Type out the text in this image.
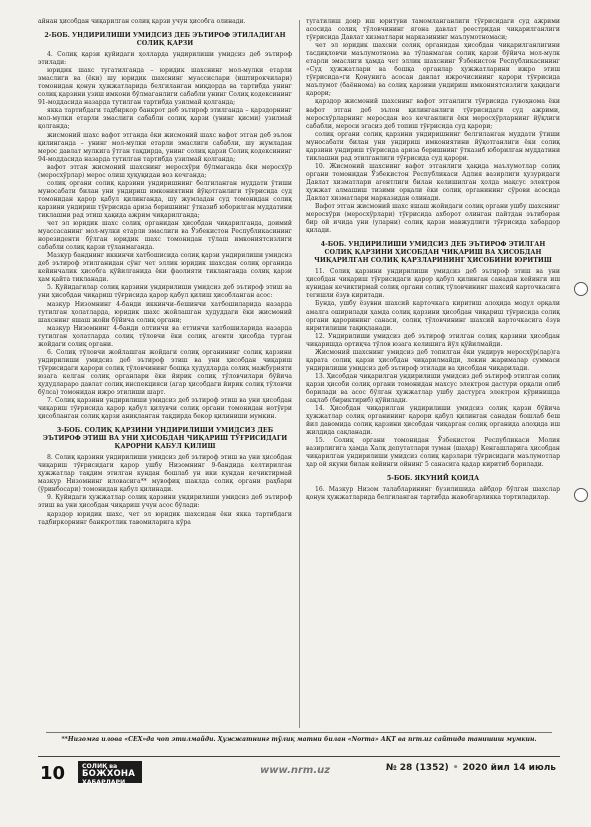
айнан ҳисобдан чиқарилган солиқ қарзи учун ҳисобга олинади.
2-БОБ. УНДИРИЛИШИ УМИДСИЗ ДЕБ ЭЪТИРОФ ЭТИЛАДИГАН СОЛИҚ ҚАРЗИ
4. Солиқ қарзи қуйидаги ҳолларда ундирилиши умидсиз деб эътироф этилади:
юридик шахс тугатилганда – юридик шахснинг мол-мулки етарли эмаслиги ва (ёки) шу юридик шахснинг муассислари (иштирокчилари) томонидан қонун ҳужжатларида белгиланган миқдорда ва тартибда унинг солиқ қарзини узиш имкони бўлмаганлиги сабабли унинг Солиқ кодексининг 91-моддасида назарда тутилган тартибда узилмай қолганда;
якка тартибдаги тадбиркор банкрот деб эътироф этилганда – қарздорнинг мол-мулки етарли эмаслиги сабабли солиқ қарзи (унинг қисми) узилмай қолганда;
жисмоний шахс вафот этганда ёки жисмоний шахс вафот этган деб эълон қилинганда – унинг мол-мулки етарли эмаслиги сабабли, шу жумладан мерос давлат мулкига ўтган тақдирда, унинг солиқ қарзи Солиқ кодексининг 94-моддасида назарда тутилган тартибда узилмай қолганда;
вафот этган жисмоний шахснинг меросхўри бўлмаганда ёки меросхўр (меросхўрлар) мерос олиш ҳуқуқидан воз кечганда;
солиқ органи солиқ қарзини ундиришнинг белгиланган муддати ўтиши муносабати билан уни ундириш имкониятини йўқотганлиги тўғрисида суд томонидан қарор қабул қилинганда, шу жумладан суд томонидан солиқ қарзини ундириш тўғрисида ариза беришнинг ўтказиб юборилган муддатини тиклашни рад этиш ҳақида ажрим чиқарилганда;
чет эл юридик шахс солиқ органидан ҳисобдан чиқарилганда, доимий муассасанинг мол-мулки етарли эмаслиги ва Ўзбекистон Республикасининг норезиденти бўлган юридик шахс томонидан тўлаш имкониятсизлиги сабабли солиқ қарзи тўланмаганда.
Мазкур банднинг иккинчи хатбошисида солиқ қарзи ундирилиши умидсиз деб эътироф этилганидан сўнг чет эллик юридик шахсдан солиқ органида кейинчалик ҳисобга қўйилганида ёки фаолияти тикланганда солиқ қарзи ҳам қайта тикланади.
5. Қуйидагилар солиқ қарзини ундирилиши умидсиз деб эътироф этиш ва уни ҳисобдан чиқариш тўғрисида қарор қабул қилиш ҳисобланган асос:
мазкур Низомнинг 4-банди иккинчи–бешинчи хатбошиларида назарда тутилган ҳолатларда, юридик шахс жойлашган ҳудуддаги ёки жисмоний шахснинг яшаш жойи бўйича солиқ органи;
мазкур Низомнинг 4-банди олтинчи ва еттинчи хатбошиларида назарда тутилган ҳолатларда солиқ тўловчи ёки солиқ агенти ҳисобда турган жойдаги солиқ органи.
6. Солиқ тўловчи жойлашган жойдаги солиқ органининг солиқ қарзини ундирилиши умидсиз деб эътироф этиш ва уни ҳисобдан чиқариш тўғрисидаги қарори солиқ тўловчининг бошқа ҳудудларда солиқ мажбурияти юзага келган солиқ органлари ёки йирик солиқ тўловчилари бўйича ҳудудлараро давлат солиқ инспекцияси (агар ҳисобдаги йирик солиқ тўловчи бўлса) томонидан ижро этилиши шарт.
7. Солиқ қарзини ундирилиши умидсиз деб эътироф этиш ва уни ҳисобдан чиқариш тўғрисида қарор қабул қилувчи солиқ органи томонидан нотўғри ҳисобланган солиқ қарзи аниқланган тақдирда бекор қилиниши мумкин.
3-БОБ. СОЛИҚ ҚАРЗИНИ УНДИРИЛИШИ УМИДСИЗ ДЕБ ЭЪТИРОФ ЭТИШ ВА УНИ ҲИСОБДАН ЧИҚАРИШ ТЎҒРИСИДАГИ ҚАРОРНИ ҚАБУЛ ҚИЛИШ
8. Солиқ қарзини ундирилиши умидсиз деб эътироф этиш ва уни ҳисобдан чиқариш тўғрисидаги қарор ушбу Низомнинг 9-бандида келтирилган ҳужжатлар тақдим этилган кундан бошлаб ун ики кундан кечиктирмай мазкур Низомнинг иловасига** мувофиқ шаклда солиқ органи раҳбари (ўринбосари) томонидан қабул қилинади.
9. Қуйидаги ҳужжатлар солиқ қарзини ундирилиши умидсиз деб эътироф этиш ва уни ҳисобдан чиқариш учун асос бўлади:
қарздор юридик шахс, чет эл юридик шахсидан ёки якка тартибдаги тадбиркорнинг банкротлик тавомиларига кўра
тугатилиш доир иш юритуви тамомланганлиги тўғрисидаги суд ажрими асосида солиқ тўловчининг ягона давлат реестридан чиқарилганлиги тўғрисида Давлат хизматлари марказининг маълумотномаси;
чет эл юридик шахсни солиқ органидан ҳисобдан чиқарилганлигини тасдиқловчи маълумотнома ва тўланмаган солиқ қарзи бўйича мол-мулк етарли эмаслиги ҳамда чет эллик шахснинг Ўзбекистон Республикасининг «Суд ҳужжатлари ва бошқа органлар ҳужжатларини ижро этиш тўғрисида»ги Қонунига асосан давлат ижрочисининг қарори тўғрисида маълумот (баённома) ва солиқ қарзини ундириш имкониятсизлиги ҳақидаги қарори;
қарздор жисмоний шахснинг вафот этганлиги тўғрисида гувоҳнома ёки вафот этган деб эълон қилинганлиги тўғрисидаги суд ажрими, меросхўрларнинг меросдан воз кечганлиги ёки меросхўрларнинг йўқлиги сабабли, мероси эгасиз деб топиш тўғрисида суд қарори;
солиқ органи солиқ қарзини ундиришнинг белгиланган муддати ўтиши муносабати билан уни ундириш имкониятини йўқотганлиги ёки солиқ қарзини ундириш тўғрисида ариза беришнинг ўтказиб юборилган муддатини тиклашни рад этилганлиги тўғрисида суд қарори.
10. Жисмоний шахснинг вафот этганлиги ҳақида маълумотлар солиқ органи томонидан Ўзбекистон Республикаси Адлия вазирлиги ҳузуридаги Давлат хизматлари агентлиги билан келишилган ҳолда мақсус электрон ҳужжат алмашиш тизими орқали ёки солиқ органининг сўрови асосида Давлат хизматлари марказидан олинади.
Вафот этган жисмоний шахс яшаш жойидаги солиқ органи ушбу шахснинг меросхўри (меросхўрлари) тўғрисида ахборот олинган пайтдан эътиборан бир ой ичида уни (уларни) солиқ қарзи мавжудлиги тўғрисида хабардор қилади.
4-БОБ. УНДИРИЛИШИ УМИДСИЗ ДЕБ ЭЪТИРОФ ЭТИЛГАН СОЛИҚ ҚАРЗИНИ ҲИСОБДАН ЧИҚАРИШ ВА ҲИСОБДАН ЧИҚАРИЛГАН СОЛИҚ ҚАРЗЛАРИНИНГ ҲИСОБИНИ ЮРИТИШ
11. Солиқ қарзини ундирилиши умидсиз деб эътироф этиш ва уни ҳисобдан чиқариш тўғрисидаги қарор қабул қилинган санадан кейинги иш кунидан кечиктирмай солиқ органи солиқ тўловчининг шахсий карточкасига тегишли ёзув киритади.
Бунда, ушбу ёзувни шахсий карточкага киритиш алоҳида модул орқали амалга оширилади ҳамда солиқ қарзини ҳисобдан чиқариш тўғрисида солиқ органи қарорининг санаси, солиқ тўловчининг шахсий карточкасига ёзув киритилиши тақиқланади.
12. Ундирилиши умидсиз деб эътироф этилган солиқ қарзини ҳисобдан чиқаришда ортиқча тўлов юзага келишига йўл қўйилмайди.
Жисмоний шахснинг умидсиз деб топилган ёки ундирув меросхўр(лар)га қарата солиқ қарзи ҳисобдан чиқарилмайди, лекин жарималар суммаси ундирилиши умидсиз деб эътироф этилади ва ҳисобдан чиқарилади.
13. Ҳисобдан чиқарилган ундирилиши умидсиз деб эътироф этилган солиқ қарзи ҳисоби солиқ органи томонидан махсус электрон дастури орқали олиб борилади ва асос бўлган ҳужжатлар ушбу дастурга электрон кўринишда сақлаб (бириктириб) қўйилади.
14. Ҳисобдан чиқарилган ундирилиши умидсиз солиқ қарзи бўйича ҳужжатлар солиқ органининг қарори қабул қилинган санадан бошлаб беш йил давомида солиқ қарзини ҳисобдан чиқарган солиқ органида алоҳида иш жилдида сақланади.
15. Солиқ органи томонидан Ўзбекистон Республикаси Молия вазирлигига ҳамда Халқ депутатлари туман (шаҳар) Кенгашларига ҳисобдан чиқарилган ундирилиши умидсиз солиқ қарзлари тўғрисидаги маълумотлар ҳар ой якуни билан кейинги ойнинг 5 санасига қадар киритиб борилади.
5-БОБ. ЯКУНИЙ ҚОИДА
16. Мазкур Низом талабларининг бузилишида айбдор бўлган шахслар қонун ҳужжатларида белгиланган тартибда жавобгарликка тортиладилар.
**Низомга илова «СЕХ»да чоп этилмайди. Ҳужжатнинг тўлиқ матни билан «Norma» АҚТ ва nrm.uz сайтида танишиш мумкин.
10	СОЛИҚ ва
БОЖХОНА
ХАБАРЛАРИ
www.nrm.uz	№ 28 (1352) • 2020 йил 14 июль
